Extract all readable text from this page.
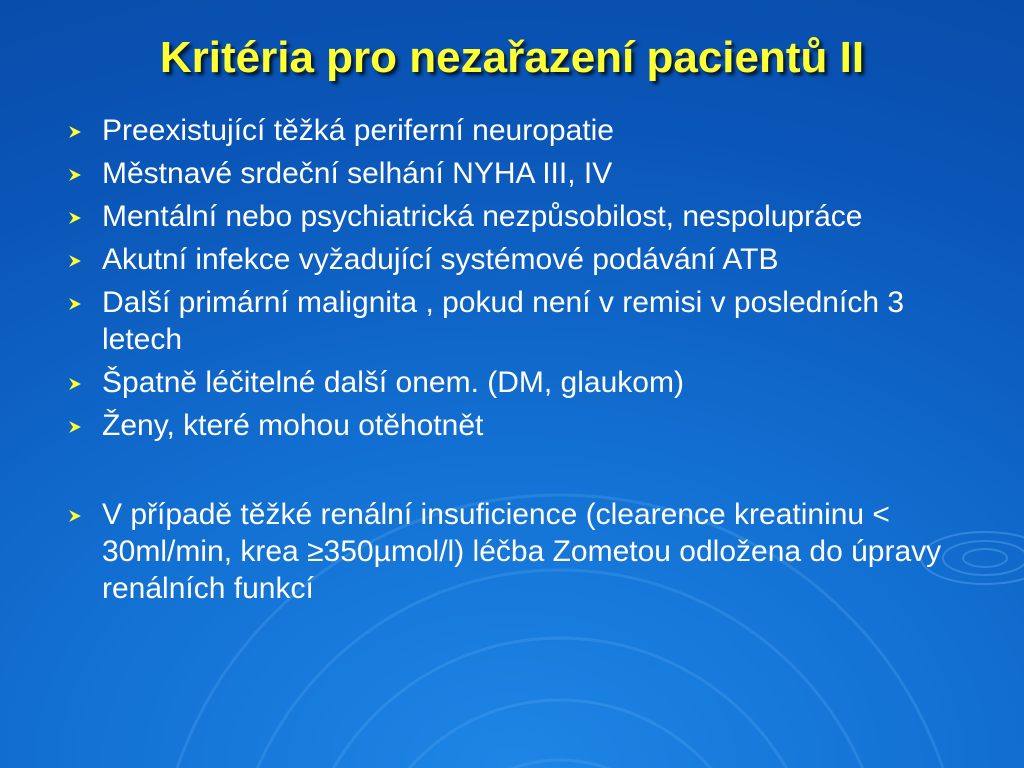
Kritéria pro nezařazení pacientů II
Preexistující těžká periferní neuropatie
Městnavé srdeční selhání NYHA III, IV
Mentální nebo psychiatrická nezpůsobilost, nespolupráce
Akutní infekce vyžadující systémové podávání ATB
Další primární malignita , pokud není v remisi v posledních 3 letech
Špatně léčitelné další onem. (DM, glaukom)
Ženy, které mohou otěhotnět
V případě těžké renální insuficience (clearence kreatininu < 30ml/min, krea ≥350µmol/l) léčba Zometou odložena do úpravy renálních funkcí
